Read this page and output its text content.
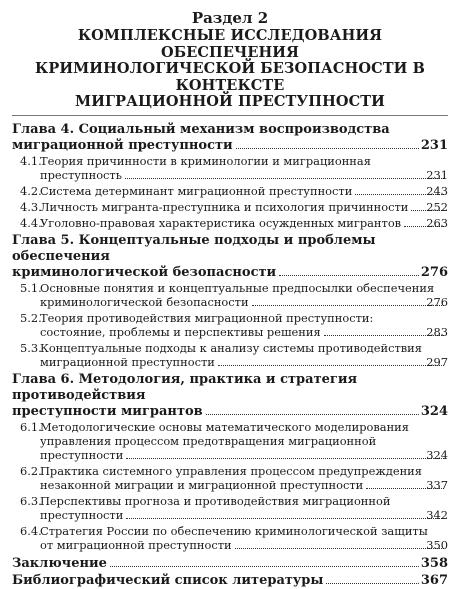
Раздел 2
КОМПЛЕКСНЫЕ ИССЛЕДОВАНИЯ ОБЕСПЕЧЕНИЯ
КРИМИНОЛОГИЧЕСКОЙ БЕЗОПАСНОСТИ В КОНТЕКСТЕ
МИГРАЦИОННОЙ ПРЕСТУПНОСТИ
Глава 4. Социальный механизм воспроизводства
миграционной преступности	231
4.1.Теория причинности в криминологии и миграционная
преступность	231
4.2.Система детерминант миграционной преступности	243
4.3.Личность мигранта-преступника и психология причинности 252
4.4.Уголовно-правовая характеристика осужденных мигрантов 263
Глава 5. Концептуальные подходы и проблемы обеспечения
криминологической безопасности	276
5.1.Основные понятия и концептуальные предпосылки обеспечения
криминологической безопасности	276
5.2.Теория противодействия миграционной преступности:
состояние, проблемы и перспективы решения	283
5.3.Концептуальные подходы к анализу системы противодействия
миграционной преступности	297
Глава 6. Методология, практика и стратегия противодействия
преступности мигрантов	324
6.1.Методологические основы математического моделирования
управления процессом предотвращения миграционной
преступности	324
6.2.Практика системного управления процессом предупреждения
незаконной миграции и миграционной преступности	337
6.3.Перспективы прогноза и противодействия миграционной
преступности	342
6.4.Стратегия России по обеспечению криминологической защиты
от миграционной преступности	350
Заключение	358
Библиографический список литературы	367
